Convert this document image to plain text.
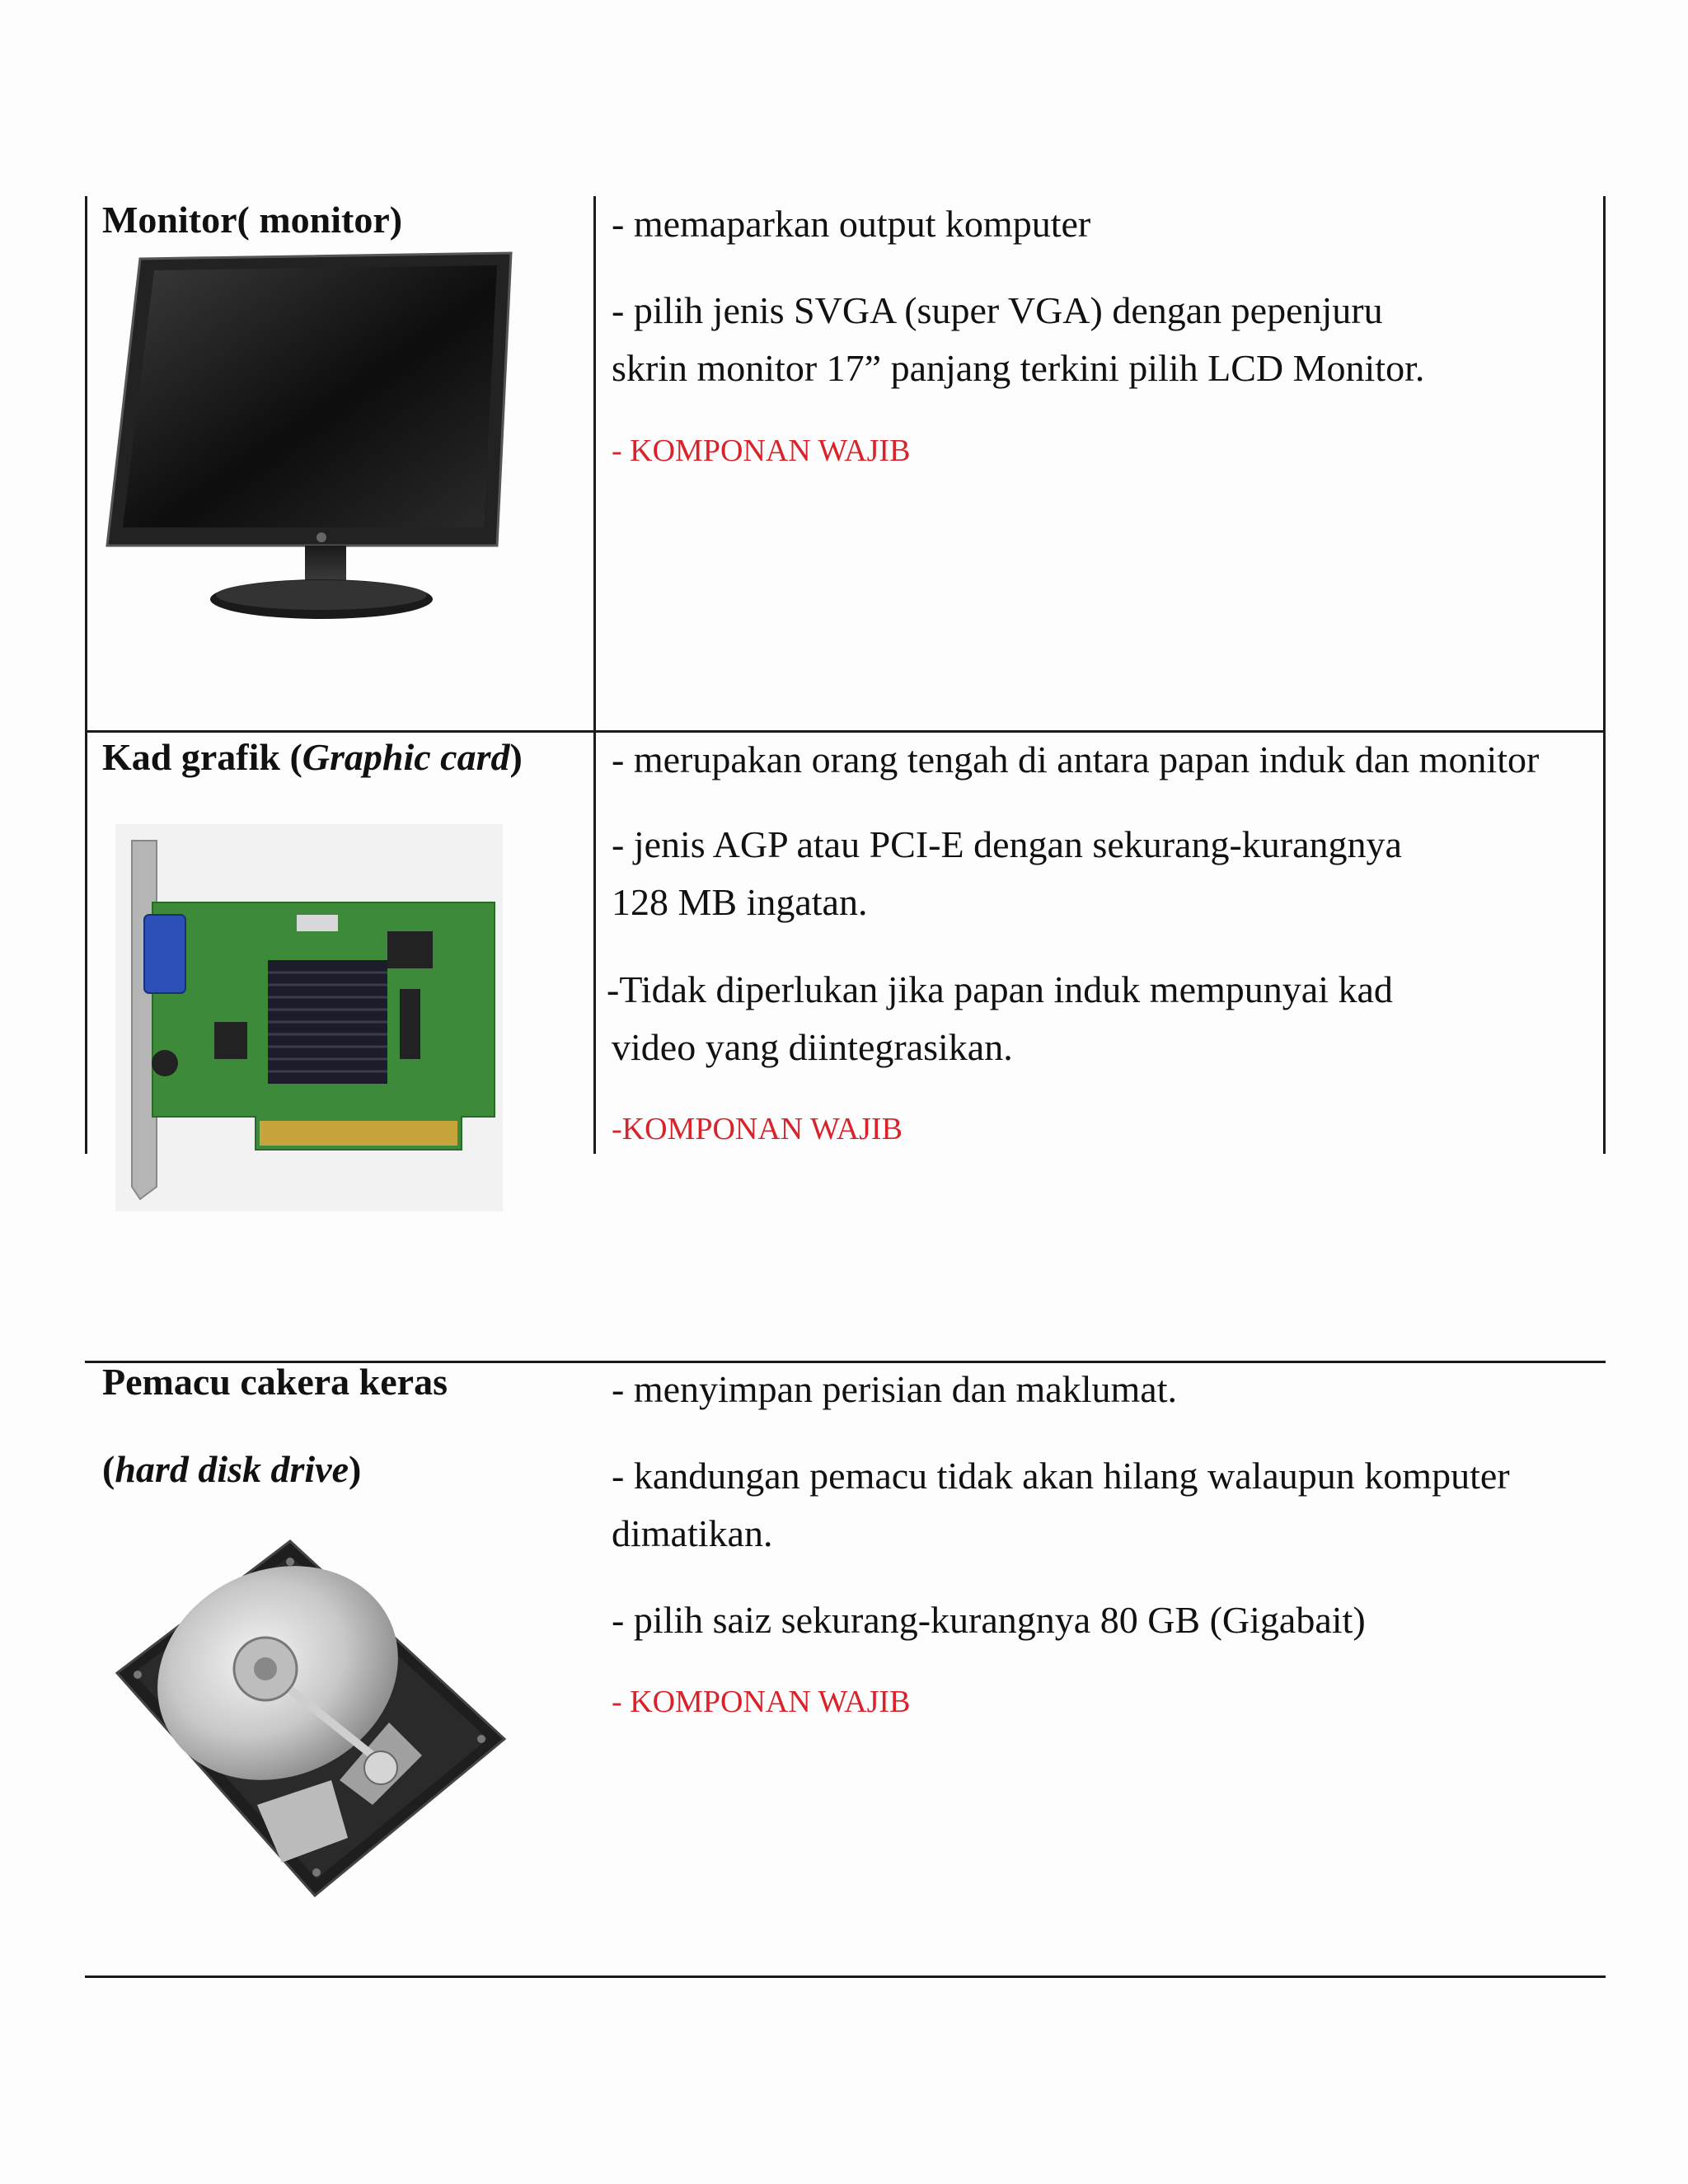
Monitor( monitor)	- memaparkan output komputer
- pilih jenis SVGA (super VGA) dengan pepenjuru
skrin monitor 17” panjang terkini pilih LCD Monitor.
- KOMPONAN WAJIB
Kad grafik (Graphic card) - merupakan orang tengah di antara papan induk dan monitor
- jenis AGP atau PCI-E dengan sekurang-kurangnya
128 MB ingatan.
-Tidak diperlukan jika papan induk mempunyai kad
video yang diintegrasikan.
-KOMPONAN WAJIB
Pemacu cakera keras
(hard disk drive)
- menyimpan perisian dan maklumat.
- kandungan pemacu tidak akan hilang walaupun komputer
dimatikan.
- pilih saiz sekurang-kurangnya 80 GB (Gigabait)
- KOMPONAN WAJIB
